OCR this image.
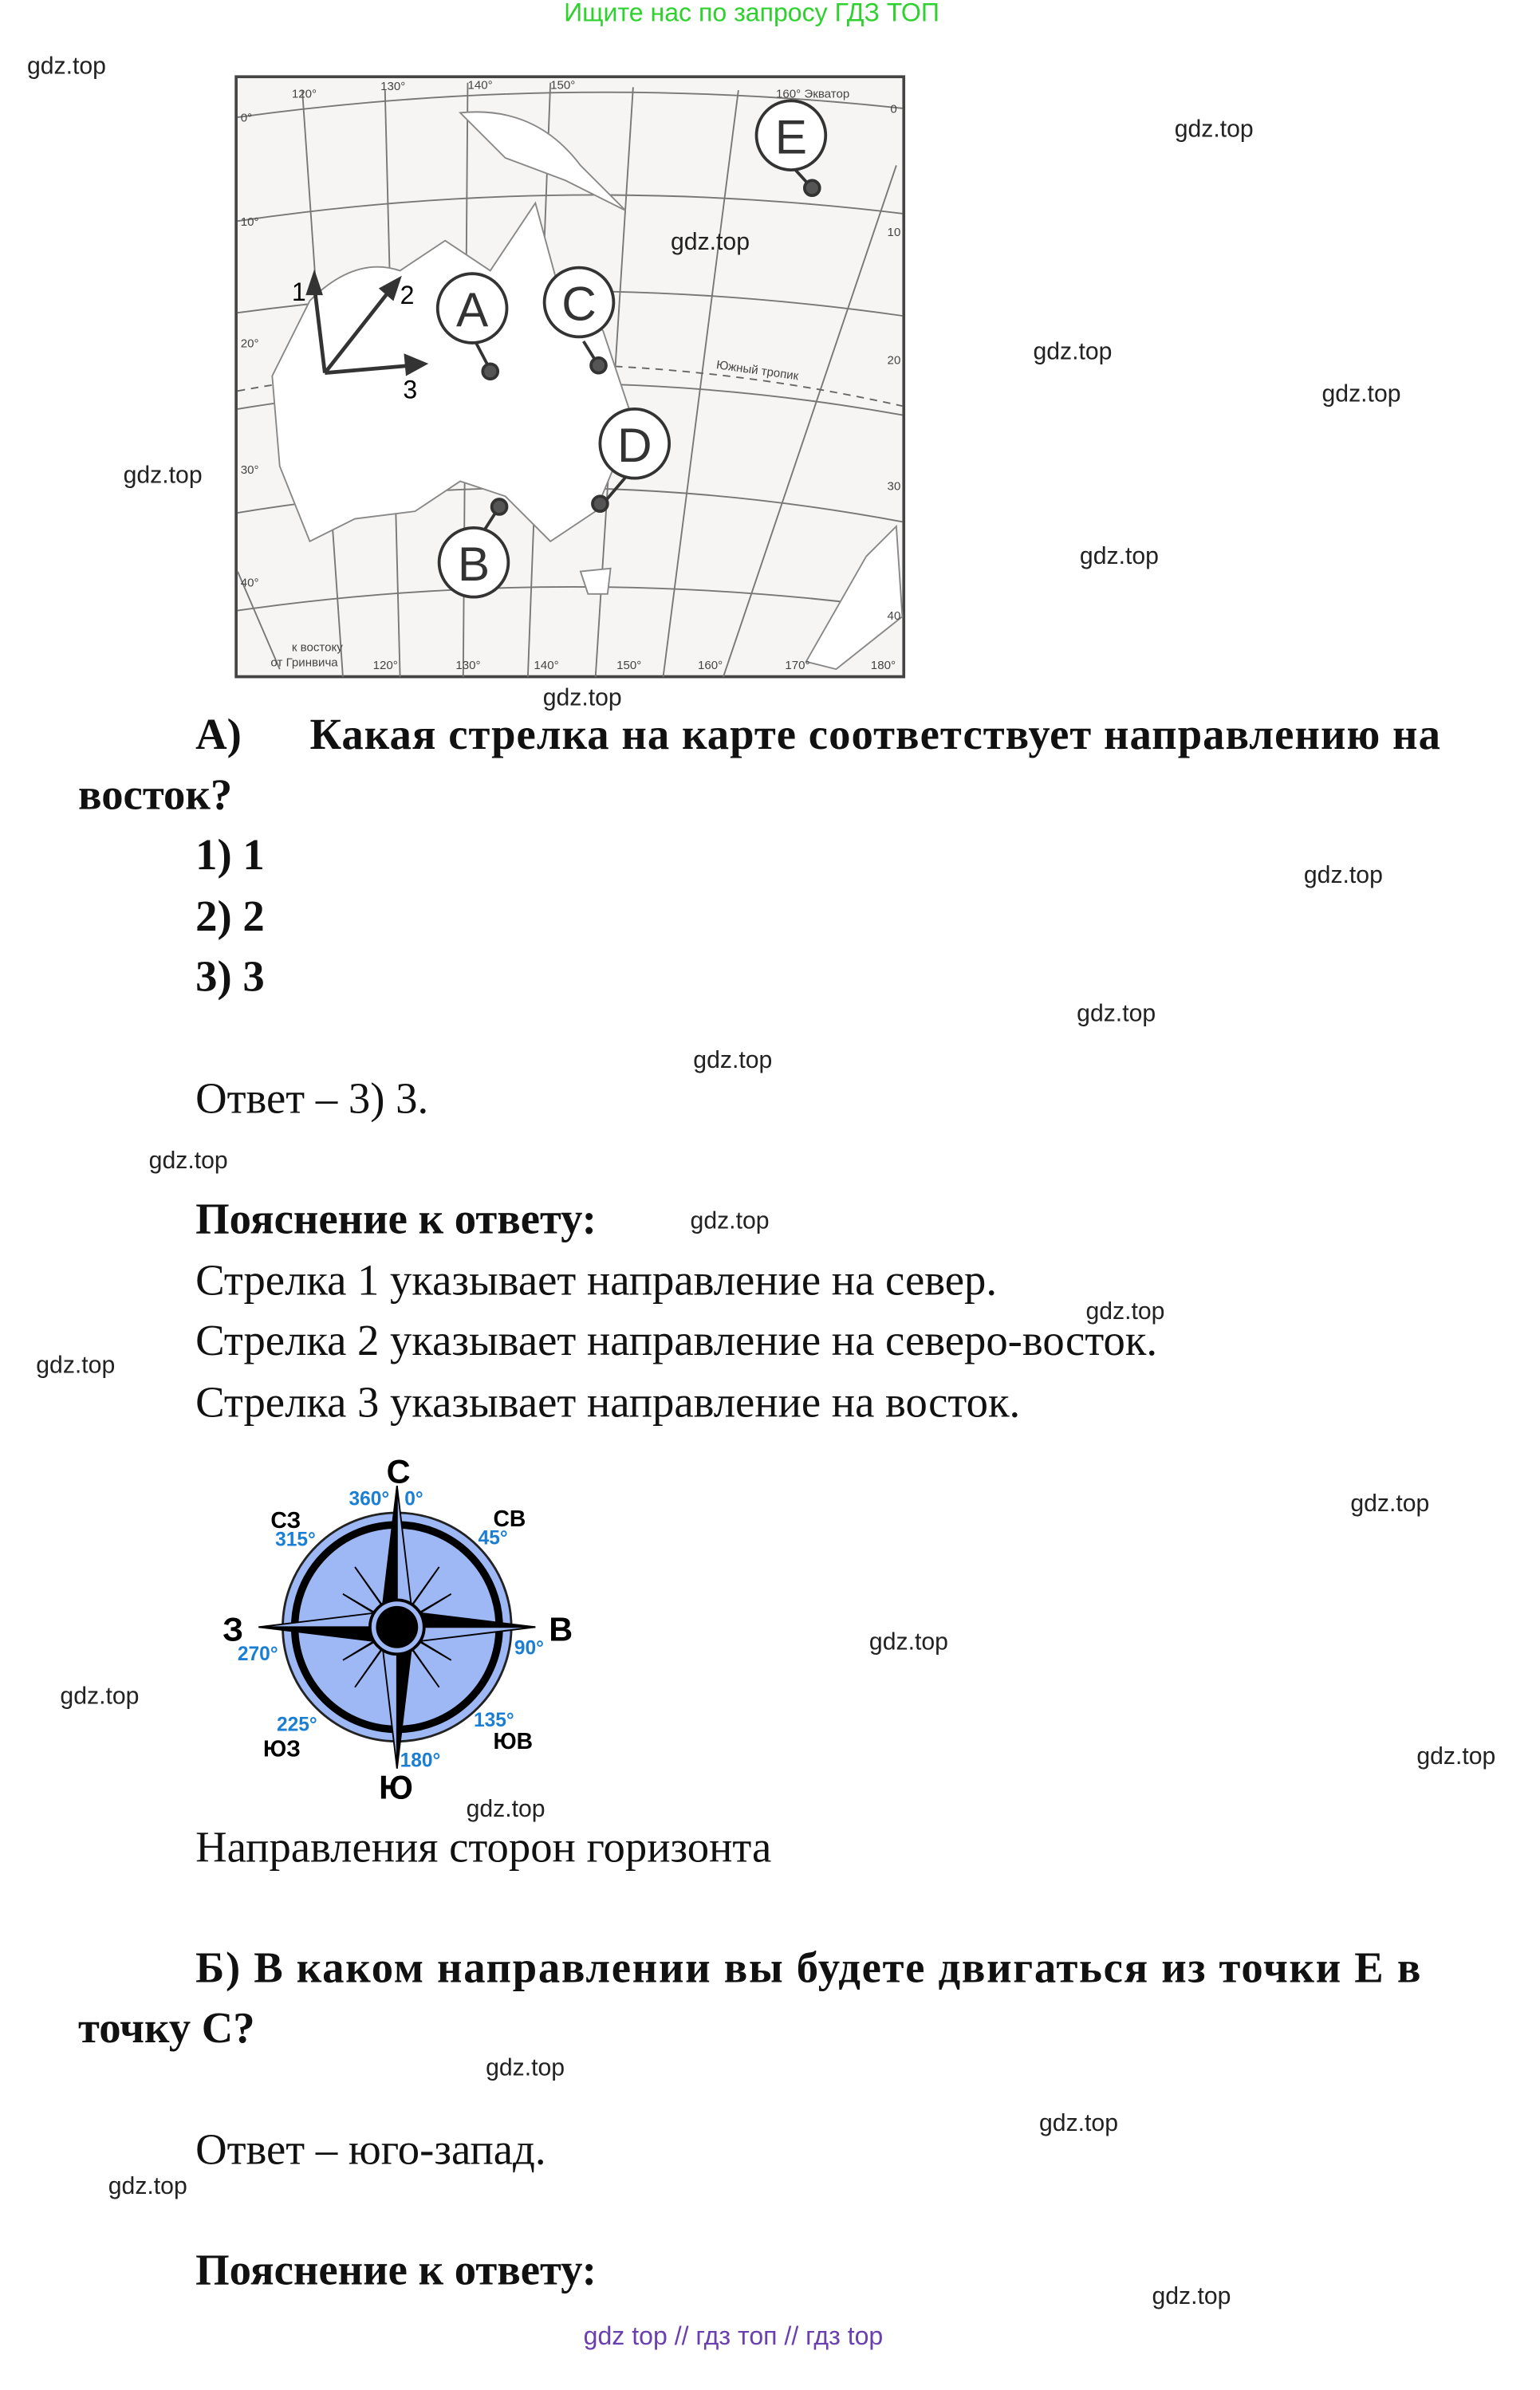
Ищите нас по запросу ГДЗ ТОП
1	2
3
A
B
C
D
E
160° Экватор
Южный тропик
к востоку
от Гринвича
120°
130°	140°	150°
120°	130°	140°	150°	160°	170°	180°
0°
10°
20°
30°
40°
0
10
20
30
40
А)	Какая стрелка на карте соответствует направлению на
восток?
1) 1
2) 2
3) 3
Ответ – 3) 3.
Пояснение к ответу:
Стрелка 1 указывает направление на север.
Стрелка 2 указывает направление на северо-восток.
Стрелка 3 указывает направление на восток.
С
Ю
В
З
СВ
СЗ
ЮВ
ЮЗ
360° 0°
45°
90°
135°
180°
225°
270°
315°
Направления сторон горизонта
Б) В каком направлении вы будете двигаться из точки Е в
точку С?
Ответ – юго-запад.
Пояснение к ответу:
gdz top // гдз топ // гдз top
gdz.top
gdz.top
gdz.top
gdz.top
gdz.top
gdz.top
gdz.top
gdz.top
gdz.top
gdz.top
gdz.top
gdz.top
gdz.top
gdz.top
gdz.top
gdz.top
gdz.top
gdz.top
gdz.top
gdz.top
gdz.top
gdz.top
gdz.top
gdz.top
